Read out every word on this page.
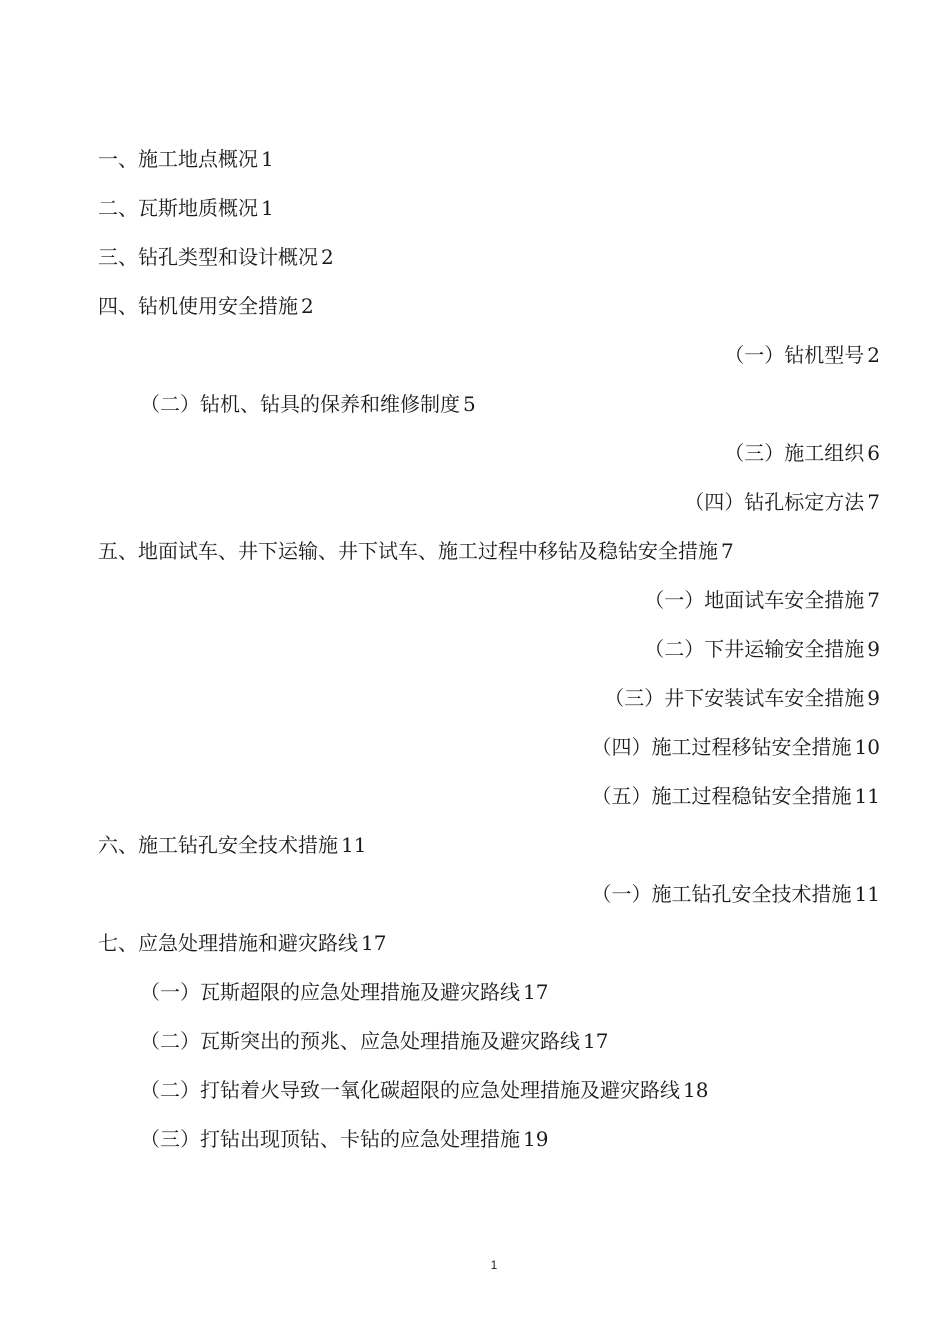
一、施工地点概况 1
二、瓦斯地质概况 1
三、钻孔类型和设计概况 2
四、钻机使用安全措施 2
（一）钻机型号 2
（二）钻机、钻具的保养和维修制度 5
（三）施工组织 6
（四）钻孔标定方法 7
五、地面试车、井下运输、井下试车、施工过程中移钻及稳钻安全措施 7
（一）地面试车安全措施 7
（二）下井运输安全措施 9
（三）井下安装试车安全措施 9
（四）施工过程移钻安全措施 10
（五）施工过程稳钻安全措施 11
六、施工钻孔安全技术措施 11
（一）施工钻孔安全技术措施 11
七、应急处理措施和避灾路线 17
（一）瓦斯超限的应急处理措施及避灾路线 17
（二）瓦斯突出的预兆、应急处理措施及避灾路线 17
（二）打钻着火导致一氧化碳超限的应急处理措施及避灾路线 18
（三）打钻出现顶钻、卡钻的应急处理措施 19
1
